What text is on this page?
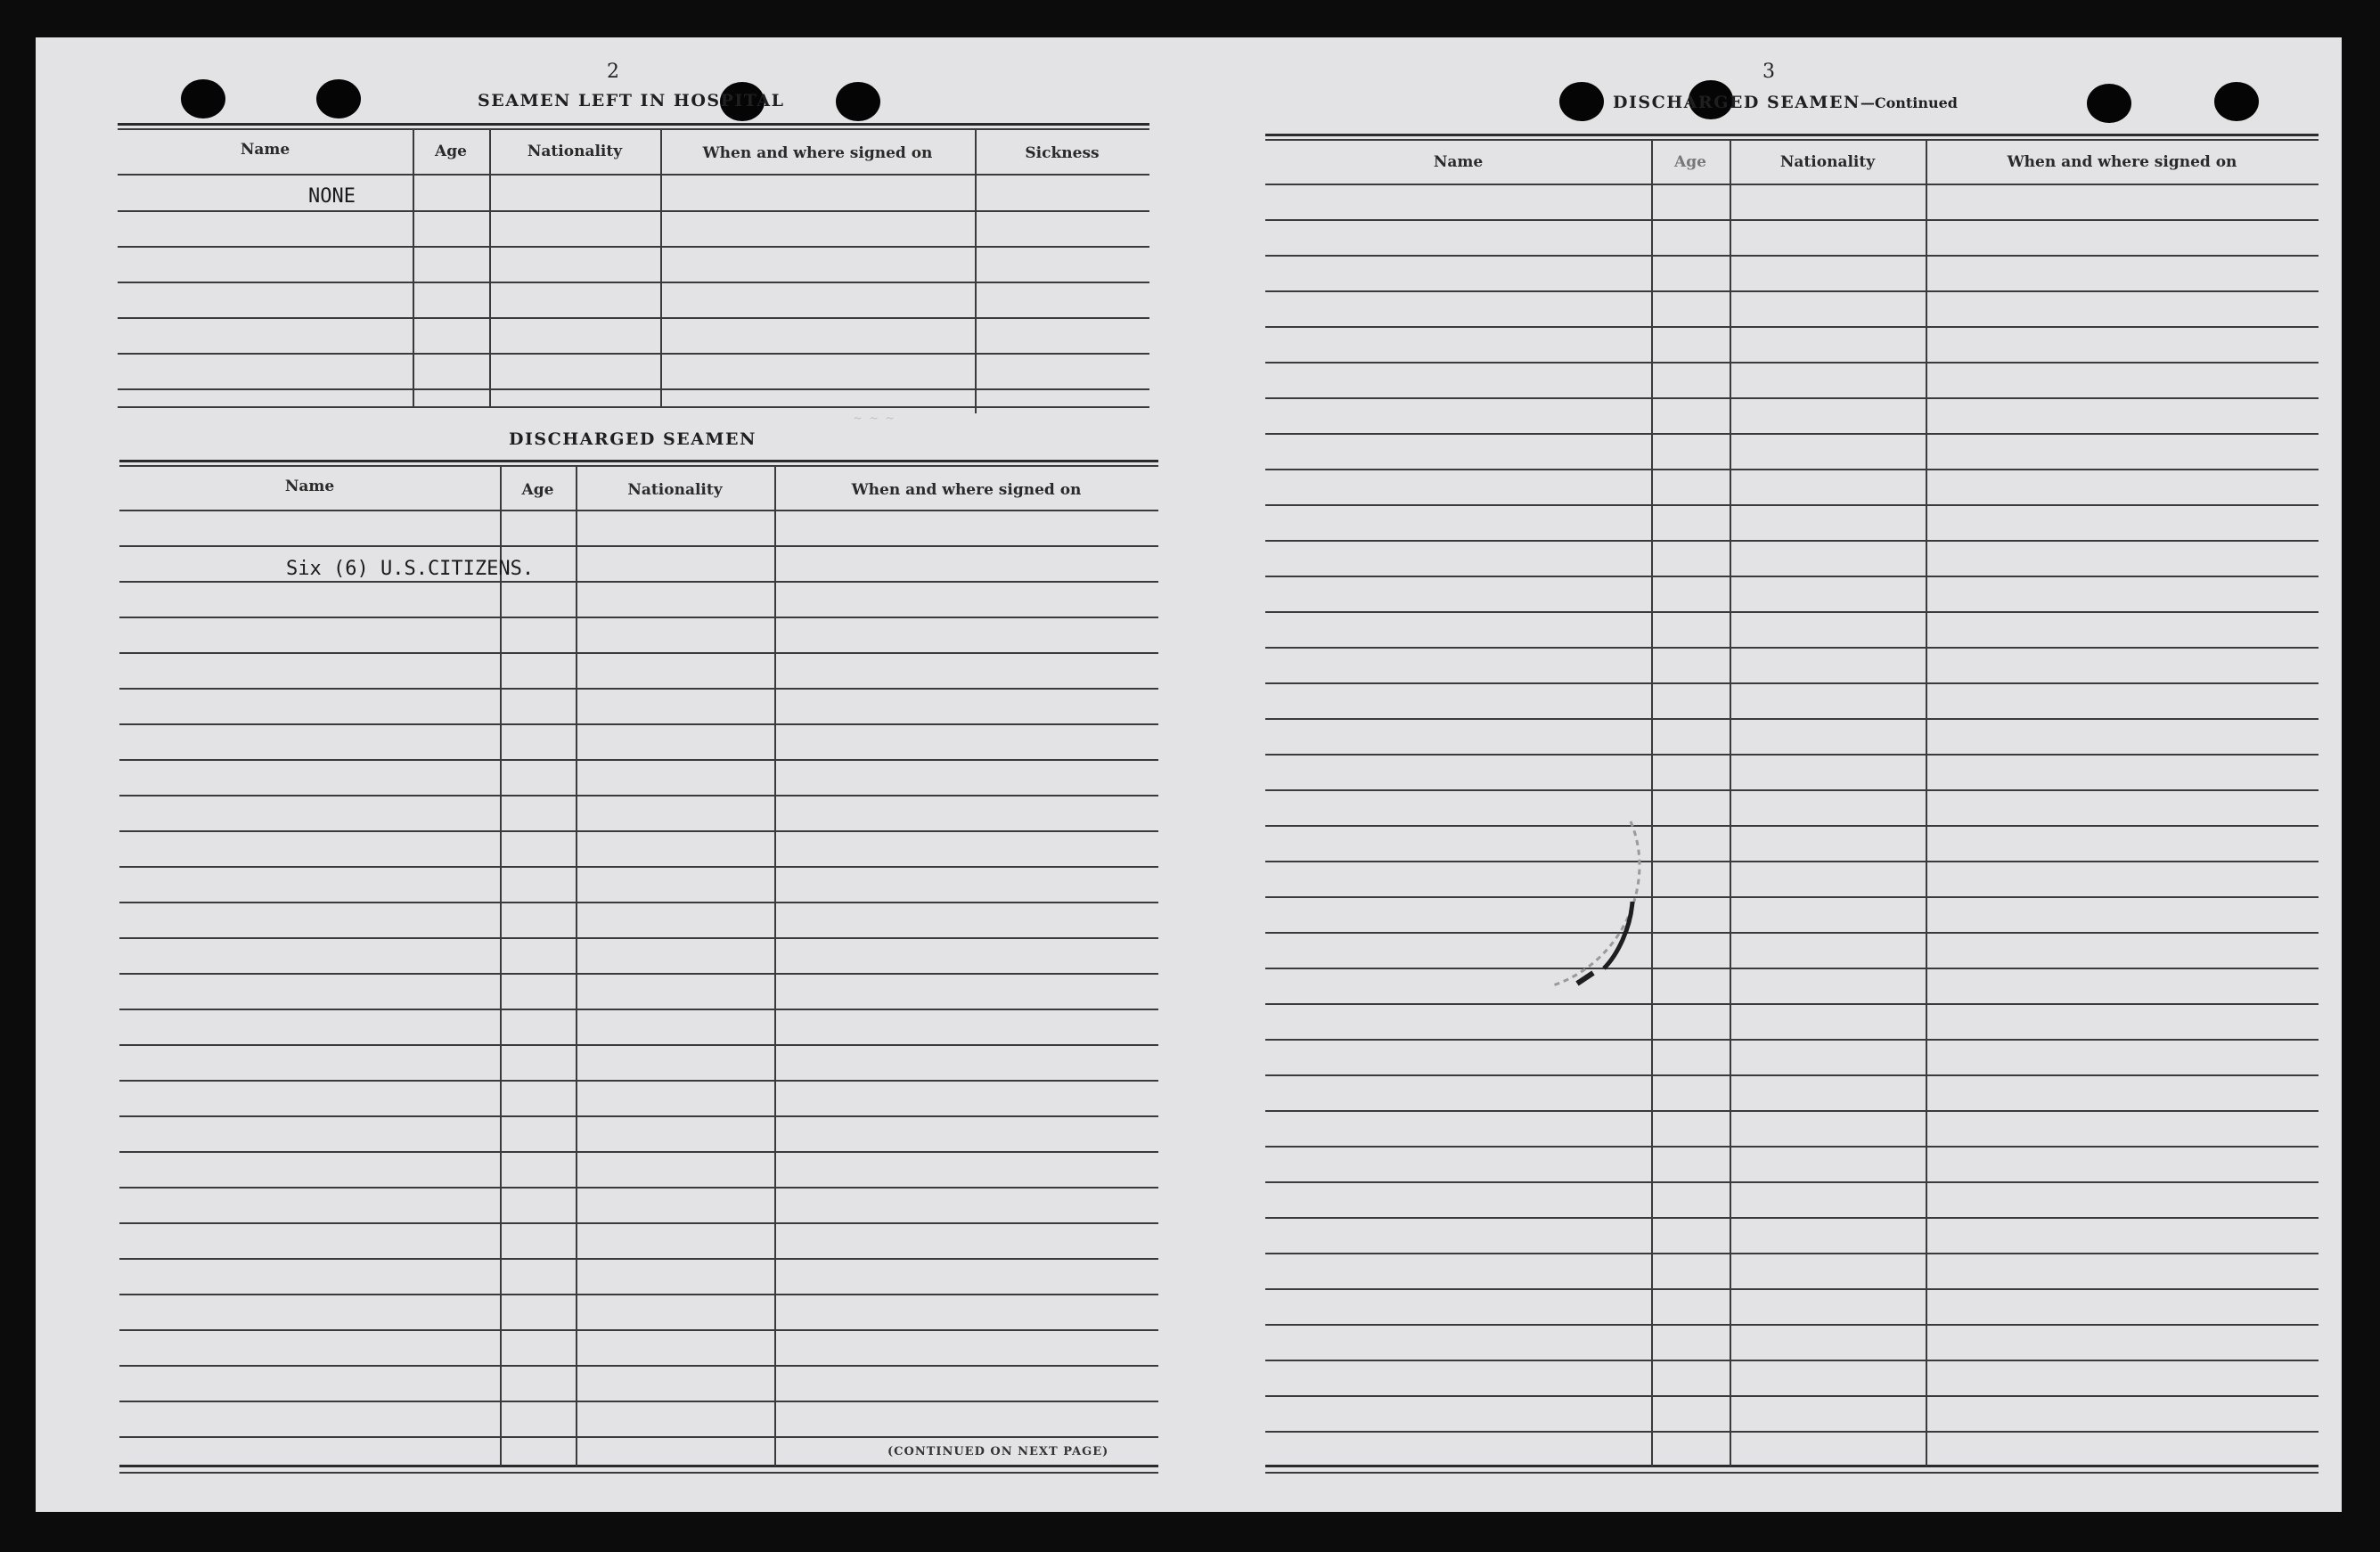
2
SEAMEN LEFT IN HOSPITAL
Name	Age	Nationality	When and where signed on	Sickness
NONE
~ ~ ~
DISCHARGED SEAMEN
Name	Age	Nationality	When and where signed on
Six (6) U.S.CITIZENS.
(CONTINUED ON NEXT PAGE)
3
DISCHARGED SEAMEN—Continued
Name	Age	Nationality	When and where signed on
